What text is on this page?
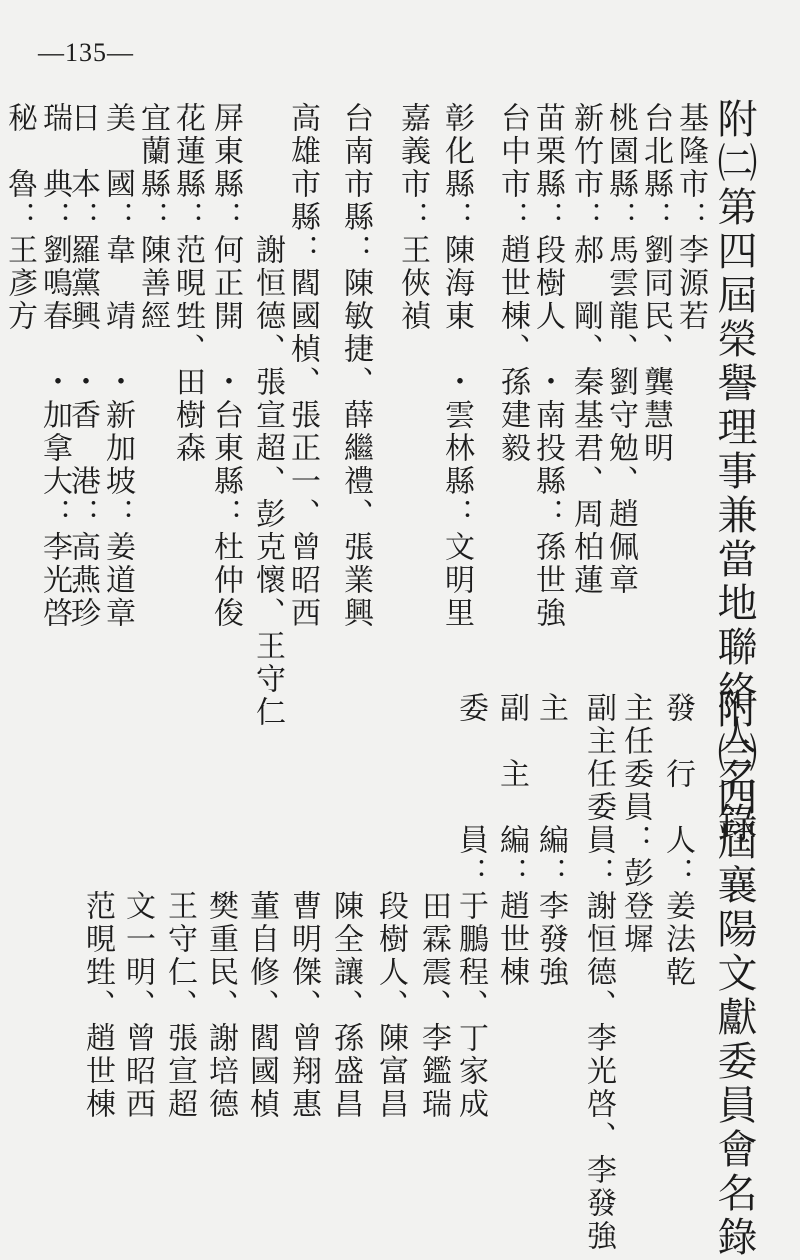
—135—
附㈡第四屆榮譽理事兼當地聯絡人名錄
基隆市：李源若
台北縣：劉同民、龔慧明
桃園縣：馬雲龍、劉守勉、趙佩章
新竹市：郝　剛、秦基君、周柏蓮
苗栗縣：段樹人　・南投縣：孫世強
台中市：趙世棟、孫建毅
彰化縣：陳海東　・雲林縣：文明里
嘉義市：王俠禎
台南市縣：陳敏捷、薛繼禮、張業興
高雄市縣：閻國楨、張正一、曾昭西
　　　　謝恒德、張宣超、彭克懷、王守仁
屏東縣：何正開　・台東縣：杜仲俊
花蓮縣：范晛甡、田樹森
宜蘭縣：陳善經
美　國：韋　靖　・新加坡：姜道章
日　本：羅黨興　・香　港：高燕珍
瑞　典：劉鳴春　・加拿大：李光啓
秘　魯：王彥方
附㈢四屆襄陽文獻委員會名錄
發　行　人：姜法乾
主任委員：彭登墀
副主任委員：謝恒德、李光啓、李發強
主　　　編：李發強
副　主　編：趙世棟
委　　　員：于鵬程、丁家成
　　　　　　田霖震、李鑑瑞
　　　　　　段樹人、陳富昌
　　　　　　陳全讓、孫盛昌
　　　　　　曹明傑、曾翔惠
　　　　　　董自修、閻國楨
　　　　　　樊重民、謝培德
　　　　　　王守仁、張宣超
　　　　　　文一明、曾昭西
　　　　　　范晛甡、趙世棟
